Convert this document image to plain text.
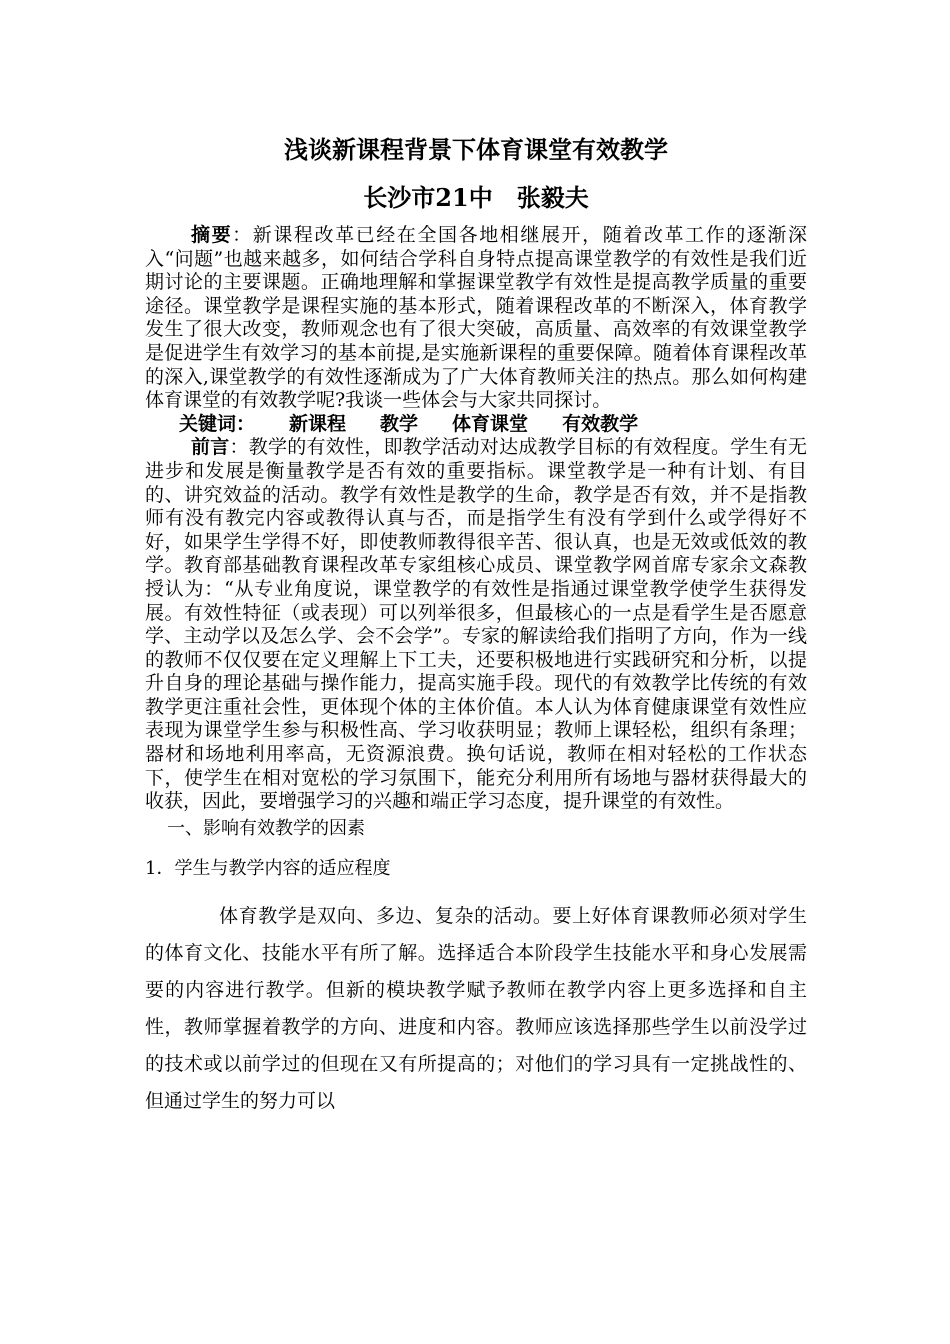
浅谈新课程背景下体育课堂有效教学

长沙市21中　张毅夫

摘要：新课程改革已经在全国各地相继展开，随着改革工作的逐渐深入“问题”也越来越多，如何结合学科自身特点提高课堂教学的有效性是我们近期讨论的主要课题。正确地理解和掌握课堂教学有效性是提高教学质量的重要途径。课堂教学是课程实施的基本形式，随着课程改革的不断深入，体育教学发生了很大改变，教师观念也有了很大突破，高质量、高效率的有效课堂教学是促进学生有效学习的基本前提,是实施新课程的重要保障。随着体育课程改革的深入,课堂教学的有效性逐渐成为了广大体育教师关注的热点。那么如何构建体育课堂的有效教学呢?我谈一些体会与大家共同探讨。

关键词： 新课程 教学 体育课堂 有效教学

前言：教学的有效性，即教学活动对达成教学目标的有效程度。学生有无进步和发展是衡量教学是否有效的重要指标。课堂教学是一种有计划、有目的、讲究效益的活动。教学有效性是教学的生命，教学是否有效，并不是指教师有没有教完内容或教得认真与否，而是指学生有没有学到什么或学得好不好，如果学生学得不好，即使教师教得很辛苦、很认真，也是无效或低效的教学。教育部基础教育课程改革专家组核心成员、课堂教学网首席专家余文森教授认为：“从专业角度说，课堂教学的有效性是指通过课堂教学使学生获得发展。有效性特征（或表现）可以列举很多，但最核心的一点是看学生是否愿意学、主动学以及怎么学、会不会学”。专家的解读给我们指明了方向，作为一线的教师不仅仅要在定义理解上下工夫，还要积极地进行实践研究和分析，以提升自身的理论基础与操作能力，提高实施手段。现代的有效教学比传统的有效教学更注重社会性，更体现个体的主体价值。本人认为体育健康课堂有效性应表现为课堂学生参与积极性高、学习收获明显；教师上课轻松，组织有条理；器材和场地利用率高，无资源浪费。换句话说，教师在相对轻松的工作状态下，使学生在相对宽松的学习氛围下，能充分利用所有场地与器材获得最大的收获，因此，要增强学习的兴趣和端正学习态度，提升课堂的有效性。

一、影响有效教学的因素

1．学生与教学内容的适应程度

体育教学是双向、多边、复杂的活动。要上好体育课教师必须对学生的体育文化、技能水平有所了解。选择适合本阶段学生技能水平和身心发展需要的内容进行教学。但新的模块教学赋予教师在教学内容上更多选择和自主性，教师掌握着教学的方向、进度和内容。教师应该选择那些学生以前没学过的技术或以前学过的但现在又有所提高的；对他们的学习具有一定挑战性的、但通过学生的努力可以
